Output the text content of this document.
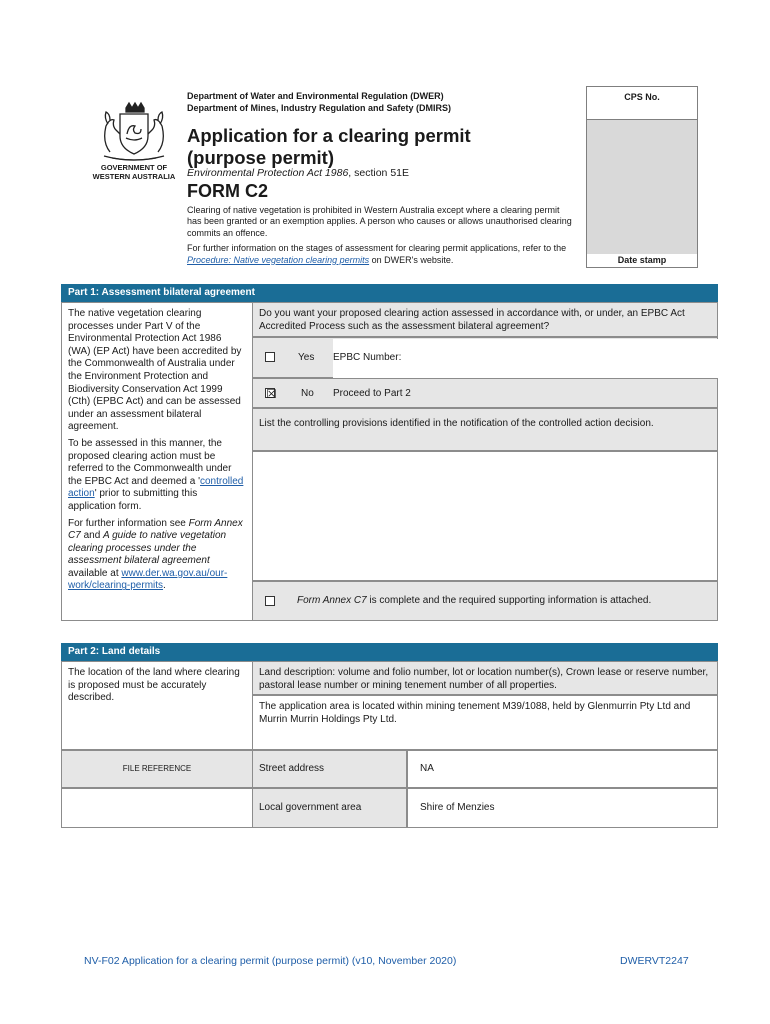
GOVERNMENT OF
WESTERN AUSTRALIA
Department of Water and Environmental Regulation (DWER)
Department of Mines, Industry Regulation and Safety (DMIRS)
Application for a clearing permit
(purpose permit)
Environmental Protection Act 1986, section 51E
FORM C2

Clearing of native vegetation is prohibited in Western Australia except where a clearing permit has been granted or an exemption applies. A person who causes or allows unauthorised clearing commits an offence.

For further information on the stages of assessment for clearing permit applications, refer to the Procedure: Native vegetation clearing permits on DWER's website.

CPS No.
Date stamp
Part 1: Assessment bilateral agreement

The native vegetation clearing processes under Part V of the Environmental Protection Act 1986 (WA) (EP Act) have been accredited by the Commonwealth of Australia under the Environment Protection and Biodiversity Conservation Act 1999 (Cth) (EPBC Act) and can be assessed under an assessment bilateral agreement.

To be assessed in this manner, the proposed clearing action must be referred to the Commonwealth under the EPBC Act and deemed a 'controlled action' prior to submitting this application form.

For further information see Form Annex C7 and A guide to native vegetation clearing processes under the assessment bilateral agreement available at www.der.wa.gov.au/our-work/clearing-permits.

Do you want your proposed clearing action assessed in accordance with, or under, an EPBC Act Accredited Process such as the assessment bilateral agreement?
Yes EPBC Number:
☒ No Proceed to Part 2
List the controlling provisions identified in the notification of the controlled action decision.
Form Annex C7 is complete and the required supporting information is attached.
Part 2: Land details
The location of the land where clearing is proposed must be accurately described.
Land description: volume and folio number, lot or location number(s), Crown lease or reserve number, pastoral lease number or mining tenement number of all properties.
The application area is located within mining tenement M39/1088, held by Glenmurrin Pty Ltd and Murrin Murrin Holdings Pty Ltd.
FILE REFERENCE	Street address	NA
Local government area	Shire of Menzies
NV-F02 Application for a clearing permit (purpose permit) (v10, November 2020)	DWERVT2247
